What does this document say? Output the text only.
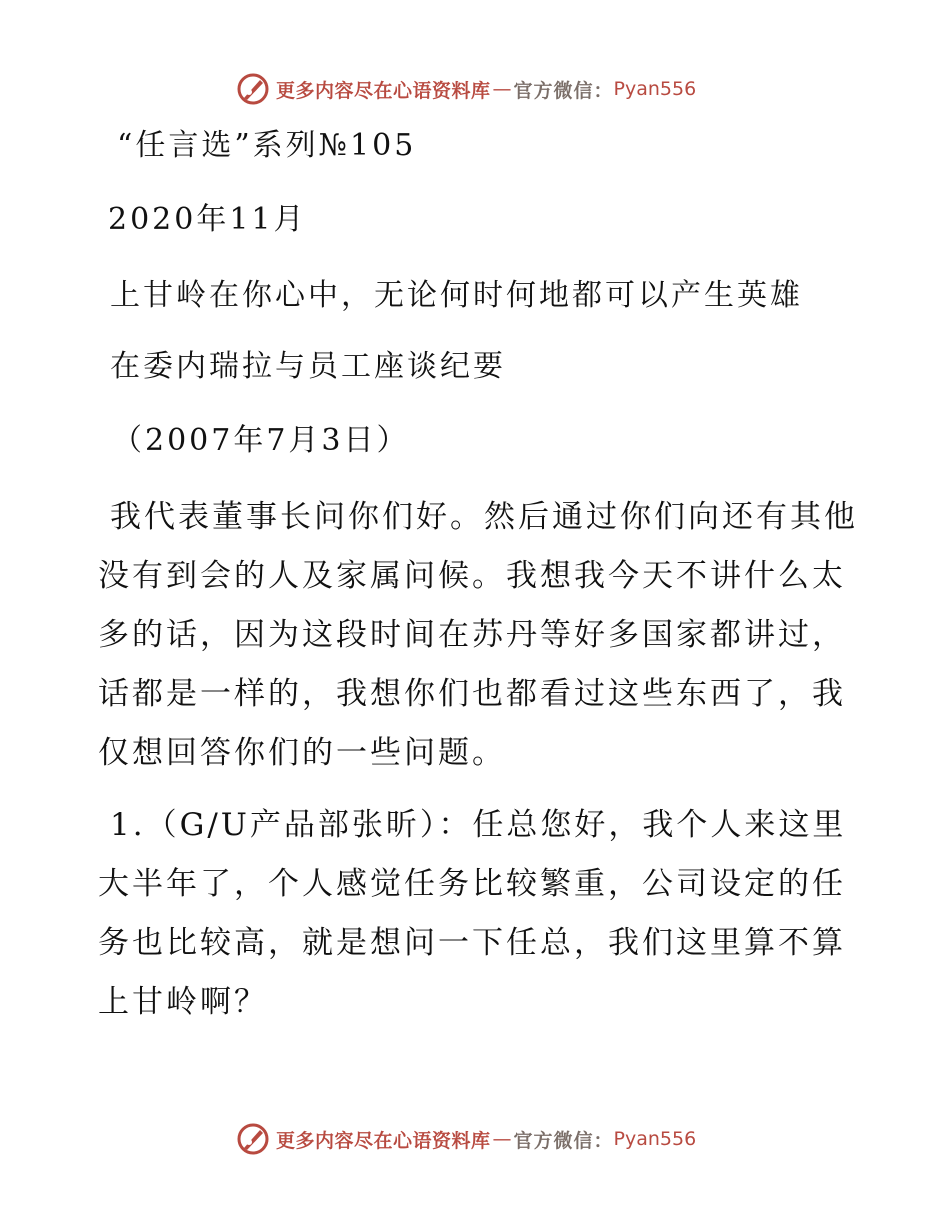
更多内容尽在心语资料库 — 官方微信： Pyan556
“任言选”系列№105
2020年11月
上甘岭在你心中，无论何时何地都可以产生英雄
在委内瑞拉与员工座谈纪要
（2007年7月3日）

我代表董事长问你们好。然后通过你们向还有其他没有到会的人及家属问候。我想我今天不讲什么太多的话，因为这段时间在苏丹等好多国家都讲过，话都是一样的，我想你们也都看过这些东西了，我仅想回答你们的一些问题。

1.（G/U产品部张昕）：任总您好，我个人来这里大半年了，个人感觉任务比较繁重，公司设定的任务也比较高，就是想问一下任总，我们这里算不算上甘岭啊？

更多内容尽在心语资料库 — 官方微信： Pyan556
